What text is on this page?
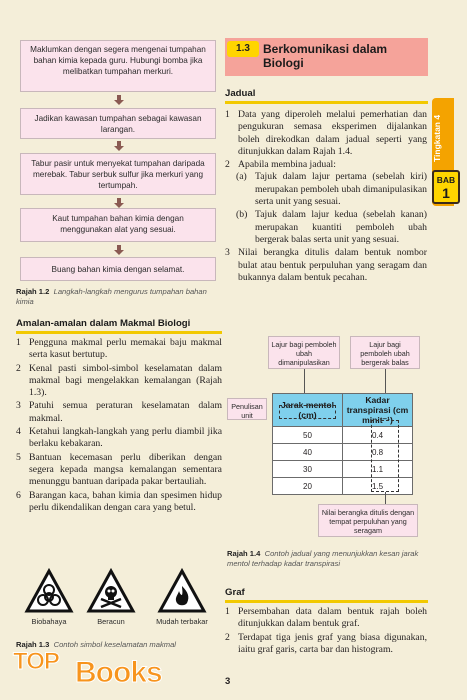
Maklumkan dengan segera mengenai tumpahan bahan kimia kepada guru. Hubungi bomba jika melibatkan tumpahan merkuri.
Jadikan kawasan tumpahan sebagai kawasan larangan.
Tabur pasir untuk menyekat tumpahan daripada merebak. Tabur serbuk sulfur jika merkuri yang tertumpah.
Kaut tumpahan bahan kimia dengan menggunakan alat yang sesuai.
Buang bahan kimia dengan selamat.
Rajah 1.2 Langkah-langkah mengurus tumpahan bahan kimia
Amalan-amalan dalam Makmal Biologi
1 Pengguna makmal perlu memakai baju makmal serta kasut bertutup.
2 Kenal pasti simbol-simbol keselamatan dalam makmal bagi mengelakkan kemalangan (Rajah 1.3).
3 Patuhi semua peraturan keselamatan dalam makmal.
4 Ketahui langkah-langkah yang perlu diambil jika berlaku kebakaran.
5 Bantuan kecemasan perlu diberikan dengan segera kepada mangsa kemalangan sementara menunggu bantuan daripada pakar bertauliah.
6 Barangan kaca, bahan kimia dan spesimen hidup perlu dikendalikan dengan cara yang betul.
Biobahaya	Beracun	Mudah terbakar
Rajah 1.3 Contoh simbol keselamatan makmal
TOP Books
1.3	Berkomunikasi dalam Biologi
Tingkatan 4
BAB
1
Jadual
1 Data yang diperoleh melalui pemerhatian dan pengukuran semasa eksperimen dijalankan boleh direkodkan dalam jadual seperti yang ditunjukkan dalam Rajah 1.4.
2 Apabila membina jadual:
(a) Tajuk dalam lajur pertama (sebelah kiri) merupakan pemboleh ubah dimanipulasikan serta unit yang sesuai.
(b) Tajuk dalam lajur kedua (sebelah kanan) merupakan kuantiti pemboleh ubah bergerak balas serta unit yang sesuai.
3 Nilai berangka ditulis dalam bentuk nombor bulat atau bentuk perpuluhan yang seragam dan bukannya dalam bentuk pecahan.
Lajur bagi pemboleh ubah dimanipulasikan
Lajur bagi pemboleh ubah bergerak balas
Penulisan unit
Jarak mentol (cm)	Kadar transpirasi (cm minit⁻¹)
50	0.4
40	0.8
30	1.1
20	1.5
Nilai berangka ditulis dengan tempat perpuluhan yang seragam
Rajah 1.4 Contoh jadual yang menunjukkan kesan jarak mentol terhadap kadar transpirasi
Graf
1 Persembahan data dalam bentuk rajah boleh ditunjukkan dalam bentuk graf.
2 Terdapat tiga jenis graf yang biasa digunakan, iaitu graf garis, carta bar dan histogram.
3
